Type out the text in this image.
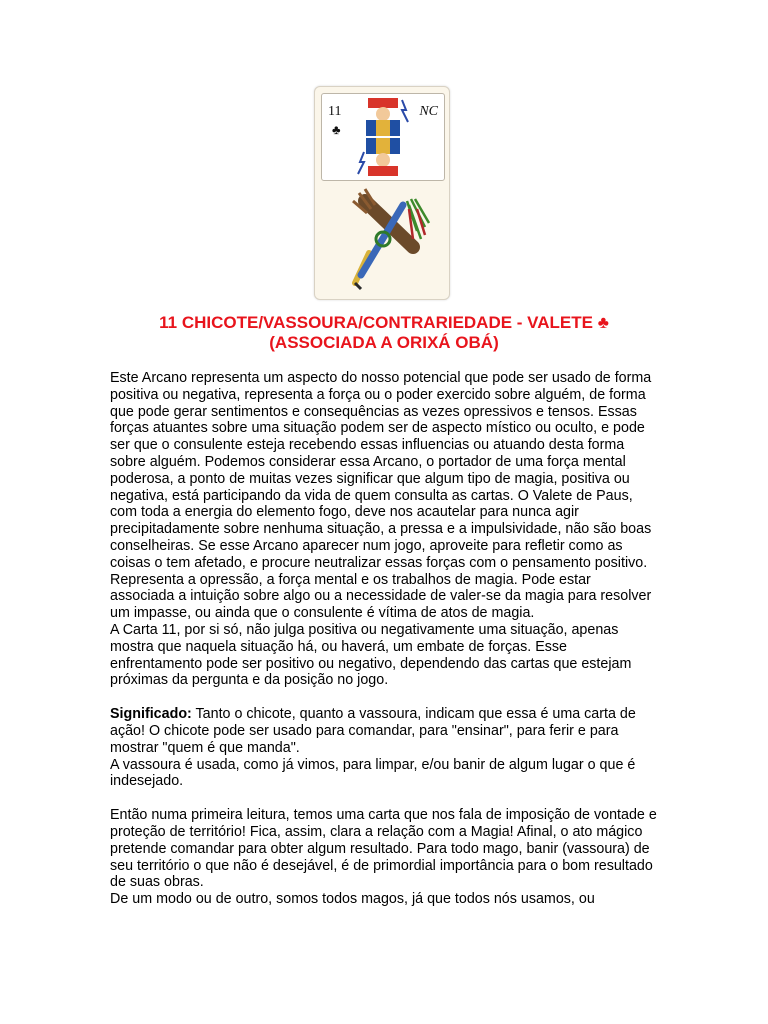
11
♣
NC
11 CHICOTE/VASSOURA/CONTRARIEDADE - VALETE ♣
(ASSOCIADA A ORIXÁ OBÁ)

Este Arcano representa um aspecto do nosso potencial que pode ser usado de forma positiva ou negativa, representa a força ou o poder exercido sobre alguém, de forma que pode gerar sentimentos e consequências as vezes opressivos e tensos. Essas forças atuantes sobre uma situação podem ser de aspecto místico ou oculto, e pode ser que o consulente esteja recebendo essas influencias ou atuando desta forma sobre alguém. Podemos considerar essa Arcano, o portador de uma força mental poderosa, a ponto de muitas vezes significar que algum tipo de magia, positiva ou negativa, está participando da vida de quem consulta as cartas. O Valete de Paus, com toda a energia do elemento fogo, deve nos acautelar para nunca agir precipitadamente sobre nenhuma situação, a pressa e a impulsividade, não são boas conselheiras. Se esse Arcano aparecer num jogo, aproveite para refletir como as coisas o tem afetado, e procure neutralizar essas forças com o pensamento positivo. Representa a opressão, a força mental e os trabalhos de magia. Pode estar associada a intuição sobre algo ou a necessidade de valer-se da magia para resolver um impasse, ou ainda que o consulente é vítima de atos de magia.

A Carta 11, por si só, não julga positiva ou negativamente uma situação, apenas mostra que naquela situação há, ou haverá, um embate de forças. Esse enfrentamento pode ser positivo ou negativo, dependendo das cartas que estejam próximas da pergunta e da posição no jogo.

Significado: Tanto o chicote, quanto a vassoura, indicam que essa é uma carta de ação! O chicote pode ser usado para comandar, para "ensinar", para ferir e para mostrar "quem é que manda".

A vassoura é usada, como já vimos, para limpar, e/ou banir de algum lugar o que é indesejado.

Então numa primeira leitura, temos uma carta que nos fala de imposição de vontade e proteção de território! Fica, assim, clara a relação com a Magia! Afinal, o ato mágico pretende comandar para obter algum resultado. Para todo mago, banir (vassoura) de seu território o que não é desejável, é de primordial importância para o bom resultado de suas obras.

De um modo ou de outro, somos todos magos, já que todos nós usamos, ou
